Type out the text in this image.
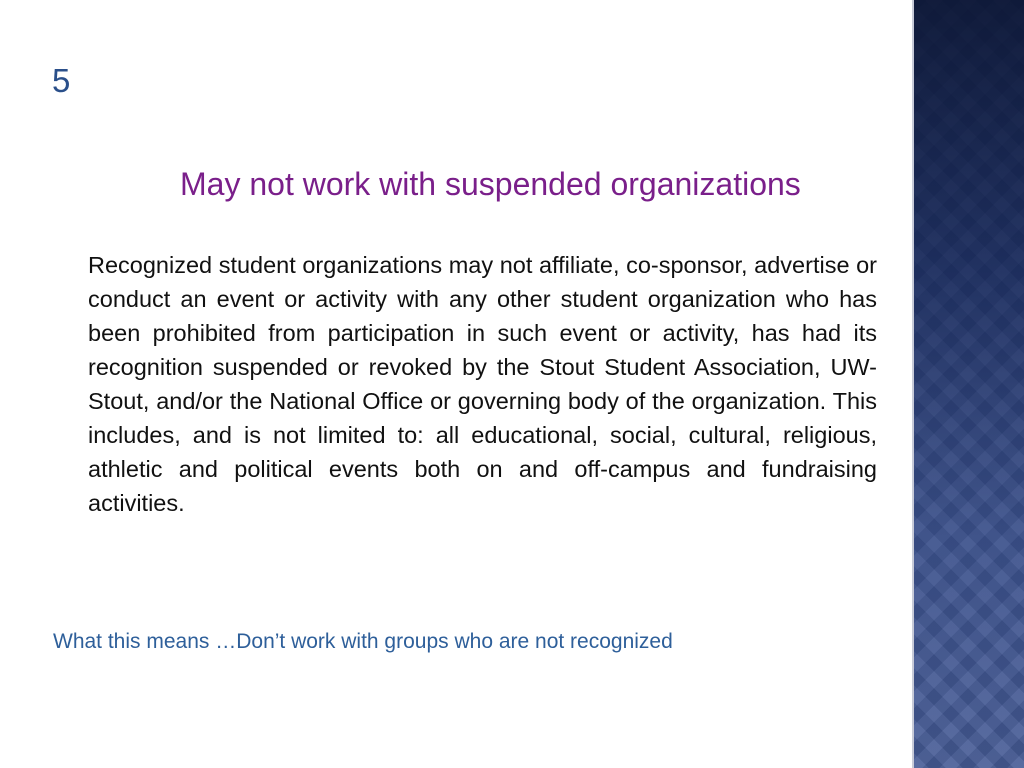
5
May not work with suspended organizations
Recognized student organizations may not affiliate, co-sponsor, advertise or conduct an event or activity with any other student organization who has been prohibited from participation in such event or activity, has had its recognition suspended or revoked by the Stout Student Association, UW-Stout, and/or the National Office or governing body of the organization. This includes, and is not limited to: all educational, social, cultural, religious, athletic and political events both on and off-campus and fundraising activities.
What this means …Don’t work with groups who are not recognized
